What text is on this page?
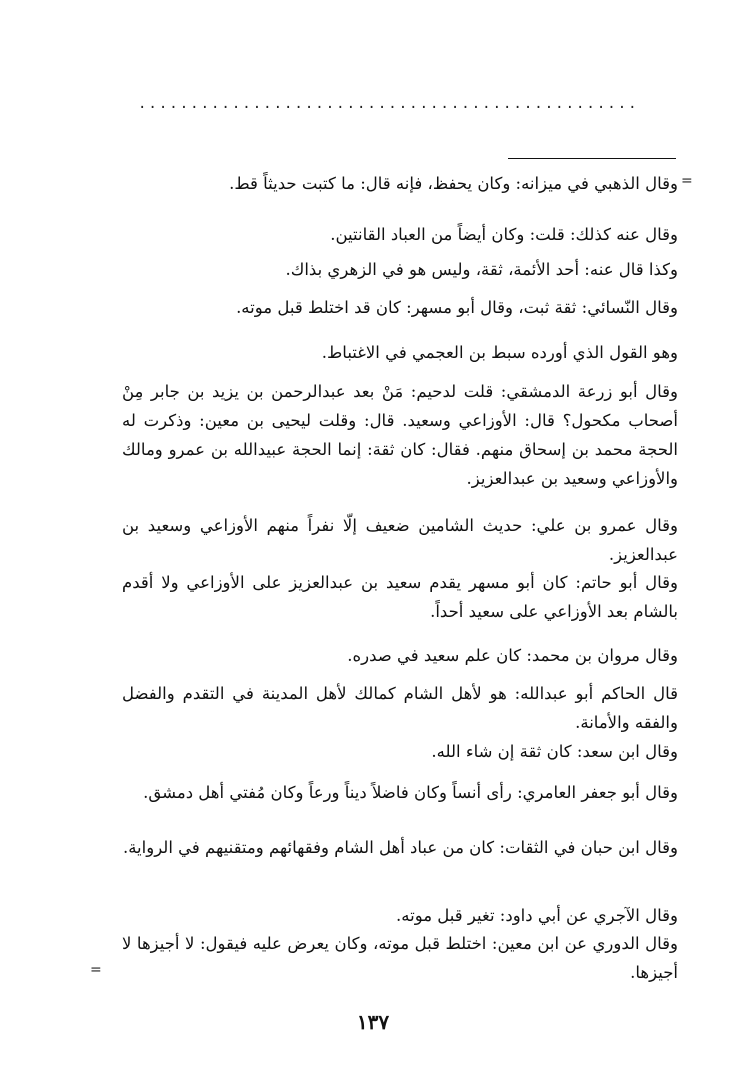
................................................
=
=

وقال الذهبي في ميزانه: وكان يحفظ، فإنه قال: ما كتبت حديثاً قط.

وقال عنه كذلك: قلت: وكان أيضاً من العباد القانتين.

وكذا قال عنه: أحد الأئمة، ثقة، وليس هو في الزهري بذاك.

وقال النّسائي: ثقة ثبت، وقال أبو مسهر: كان قد اختلط قبل موته.

وهو القول الذي أورده سبط بن العجمي في الاغتباط.

وقال أبو زرعة الدمشقي: قلت لدحيم: مَنْ بعد عبدالرحمن بن يزيد بن جابر مِنْ أصحاب مكحول؟ قال: الأوزاعي وسعيد. قال: وقلت ليحيى بن معين: وذكرت له الحجة محمد بن إسحاق منهم. فقال: كان ثقة: إنما الحجة عبيدالله بن عمرو ومالك والأوزاعي وسعيد بن عبدالعزيز.

وقال عمرو بن علي: حديث الشامين ضعيف إلّا نفراً منهم الأوزاعي وسعيد بن عبدالعزيز.

وقال أبو حاتم: كان أبو مسهر يقدم سعيد بن عبدالعزيز على الأوزاعي ولا أقدم بالشام بعد الأوزاعي على سعيد أحداً.

وقال مروان بن محمد: كان علم سعيد في صدره.

قال الحاكم أبو عبدالله: هو لأهل الشام كمالك لأهل المدينة في التقدم والفضل والفقه والأمانة.

وقال ابن سعد: كان ثقة إن شاء الله.

وقال أبو جعفر العامري: رأى أنساً وكان فاضلاً ديناً ورعاً وكان مُفتي أهل دمشق.

وقال ابن حبان في الثقات: كان من عباد أهل الشام وفقهائهم ومتقنيهم في الرواية.

وقال الآجري عن أبي داود: تغير قبل موته.

وقال الدوري عن ابن معين: اختلط قبل موته، وكان يعرض عليه فيقول: لا أجيزها لا أجيزها.

١٣٧
